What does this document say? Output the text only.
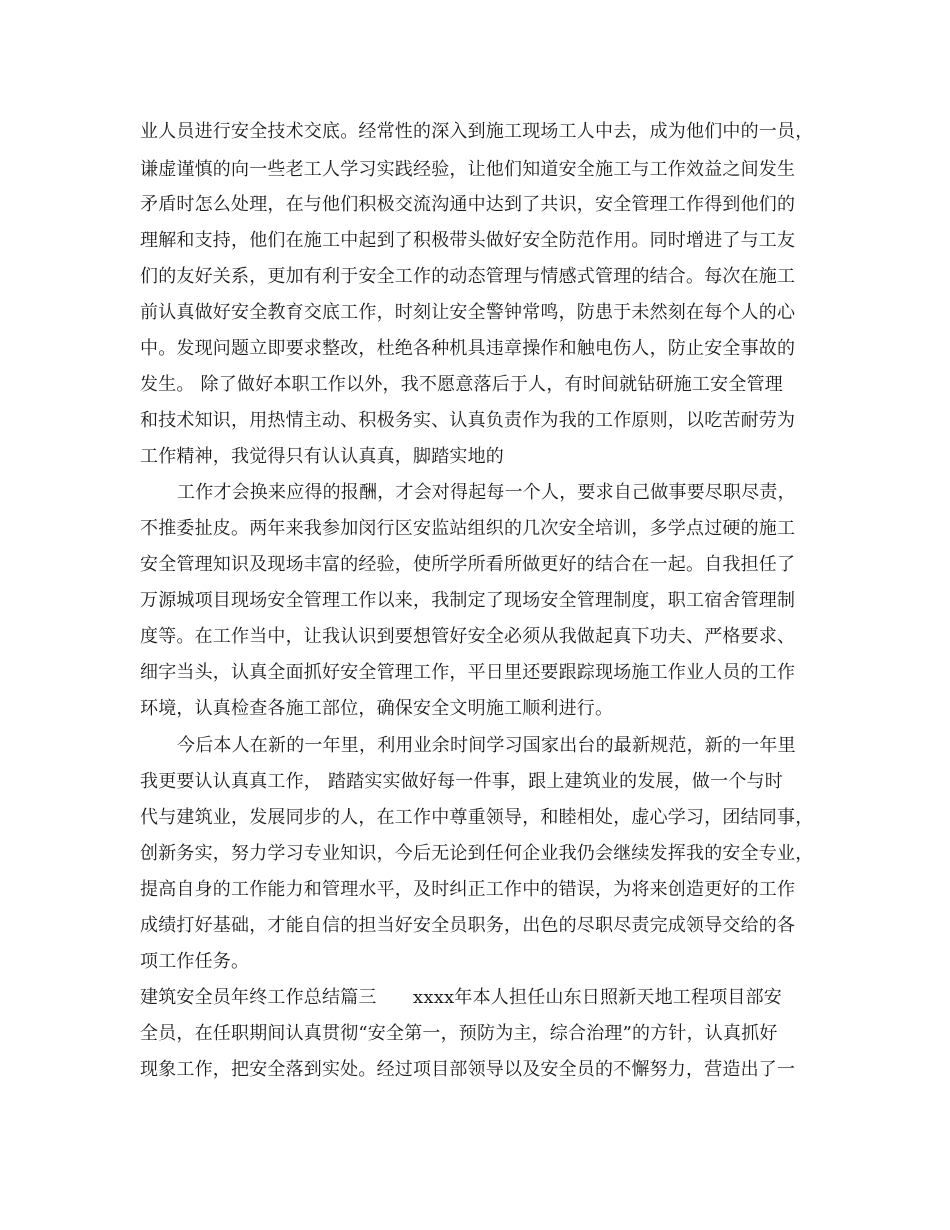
业人员进行安全技术交底。经常性的深入到施工现场工人中去，成为他们中的一员，
谦虚谨慎的向一些老工人学习实践经验，让他们知道安全施工与工作效益之间发生
矛盾时怎么处理，在与他们积极交流沟通中达到了共识，安全管理工作得到他们的
理解和支持，他们在施工中起到了积极带头做好安全防范作用。同时增进了与工友
们的友好关系，更加有利于安全工作的动态管理与情感式管理的结合。每次在施工
前认真做好安全教育交底工作，时刻让安全警钟常鸣，防患于未然刻在每个人的心
中。发现问题立即要求整改，杜绝各种机具违章操作和触电伤人，防止安全事故的
发生。 除了做好本职工作以外，我不愿意落后于人，有时间就钻研施工安全管理
和技术知识，用热情主动、积极务实、认真负责作为我的工作原则，以吃苦耐劳为
工作精神，我觉得只有认认真真，脚踏实地的
工作才会换来应得的报酬，才会对得起每一个人，要求自己做事要尽职尽责，
不推委扯皮。两年来我参加闵行区安监站组织的几次安全培训，多学点过硬的施工
安全管理知识及现场丰富的经验，使所学所看所做更好的结合在一起。自我担任了
万源城项目现场安全管理工作以来，我制定了现场安全管理制度，职工宿舍管理制
度等。在工作当中，让我认识到要想管好安全必须从我做起真下功夫、严格要求、
细字当头，认真全面抓好安全管理工作，平日里还要跟踪现场施工作业人员的工作
环境，认真检查各施工部位，确保安全文明施工顺利进行。
今后本人在新的一年里，利用业余时间学习国家出台的最新规范，新的一年里
我更要认认真真工作， 踏踏实实做好每一件事，跟上建筑业的发展，做一个与时
代与建筑业，发展同步的人，在工作中尊重领导，和睦相处，虚心学习，团结同事，
创新务实，努力学习专业知识，今后无论到任何企业我仍会继续发挥我的安全专业，
提高自身的工作能力和管理水平，及时纠正工作中的错误，为将来创造更好的工作
成绩打好基础，才能自信的担当好安全员职务，出色的尽职尽责完成领导交给的各
项工作任务。
建筑安全员年终工作总结篇三　　xxxx年本人担任山东日照新天地工程项目部安
全员，在任职期间认真贯彻“安全第一，预防为主，综合治理”的方针，认真抓好
现象工作，把安全落到实处。经过项目部领导以及安全员的不懈努力，营造出了一
